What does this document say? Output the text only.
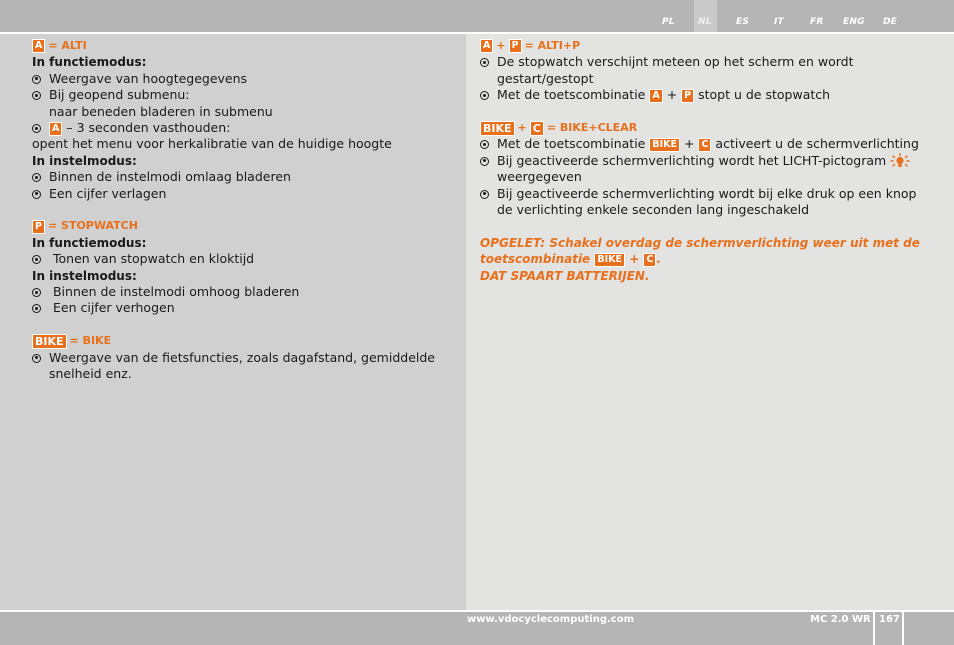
PL	NL	ES	IT	FR ENG DE
A = ALTI
In functiemodus:
Weergave van hoogtegegevens
Bij geopend submenu:
naar beneden bladeren in submenu
A – 3 seconden vasthouden:
opent het menu voor herkalibratie van de huidige hoogte
In instelmodus:
Binnen de instelmodi omlaag bladeren
Een cijfer verlagen
P = STOPWATCH
In functiemodus:
Tonen van stopwatch en kloktijd
In instelmodus:
Binnen de instelmodi omhoog bladeren
Een cijfer verhogen
BIKE = BIKE
Weergave van de fietsfuncties, zoals dagafstand, gemiddelde snelheid enz.
A + P = ALTI+P
De stopwatch verschijnt meteen op het scherm en wordt gestart/gestopt
Met de toetscombinatie A + P stopt u de stopwatch
BIKE + C = BIKE+CLEAR
Met de toetscombinatie BIKE + C activeert u de schermverlichting
Bij geactiveerde schermverlichting wordt het LICHT-pictogram
weergegeven
Bij geactiveerde schermverlichting wordt bij elke druk op een knop de verlichting enkele seconden lang ingeschakeld
OPGELET: Schakel overdag de schermverlichting weer uit met de
toetscombinatie BIKE + C .
DAT SPAART BATTERIJEN.
www.vdocyclecomputing.com	MC 2.0 WR 167
